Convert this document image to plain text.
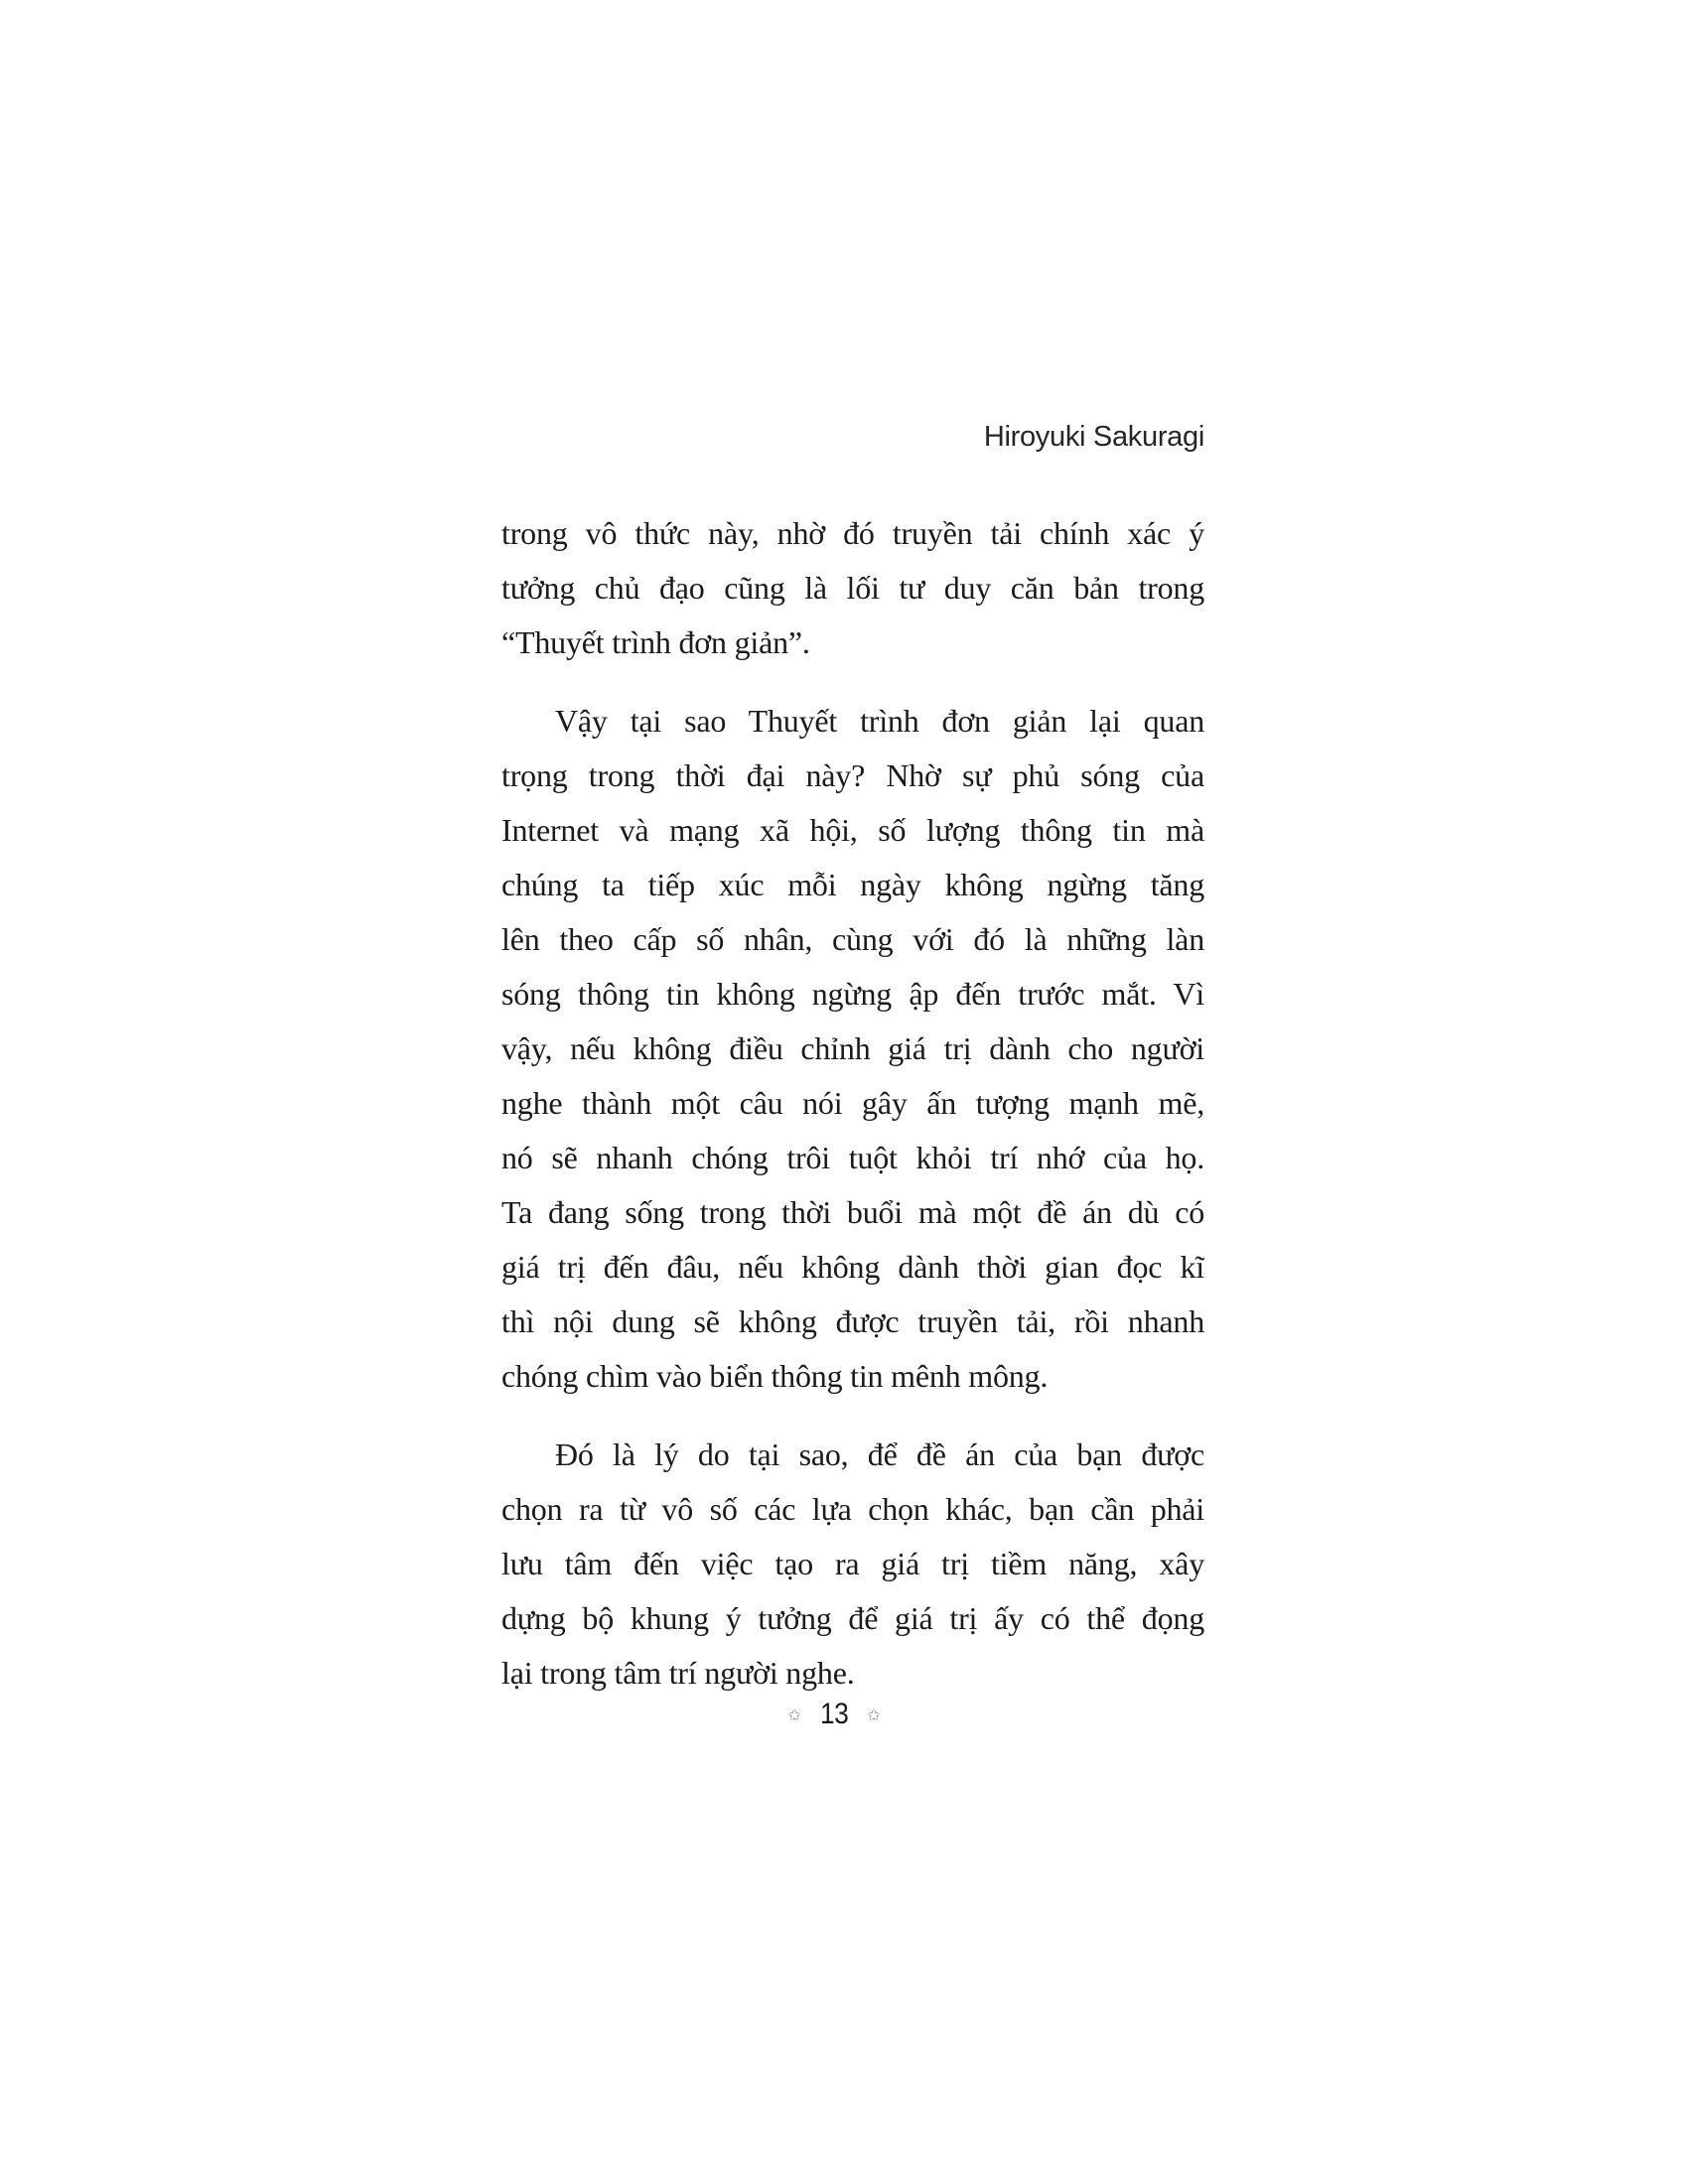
Hiroyuki Sakuragi
trong vô thức này, nhờ đó truyền tải chính xác ý
tưởng chủ đạo cũng là lối tư duy căn bản trong
“Thuyết trình đơn giản”.
Vậy tại sao Thuyết trình đơn giản lại quan
trọng trong thời đại này? Nhờ sự phủ sóng của
Internet và mạng xã hội, số lượng thông tin mà
chúng ta tiếp xúc mỗi ngày không ngừng tăng
lên theo cấp số nhân, cùng với đó là những làn
sóng thông tin không ngừng ập đến trước mắt. Vì
vậy, nếu không điều chỉnh giá trị dành cho người
nghe thành một câu nói gây ấn tượng mạnh mẽ,
nó sẽ nhanh chóng trôi tuột khỏi trí nhớ của họ.
Ta đang sống trong thời buổi mà một đề án dù có
giá trị đến đâu, nếu không dành thời gian đọc kĩ
thì nội dung sẽ không được truyền tải, rồi nhanh
chóng chìm vào biển thông tin mênh mông.
Đó là lý do tại sao, để đề án của bạn được
chọn ra từ vô số các lựa chọn khác, bạn cần phải
lưu tâm đến việc tạo ra giá trị tiềm năng, xây
dựng bộ khung ý tưởng để giá trị ấy có thể đọng
lại trong tâm trí người nghe.
✩ 13 ✩
